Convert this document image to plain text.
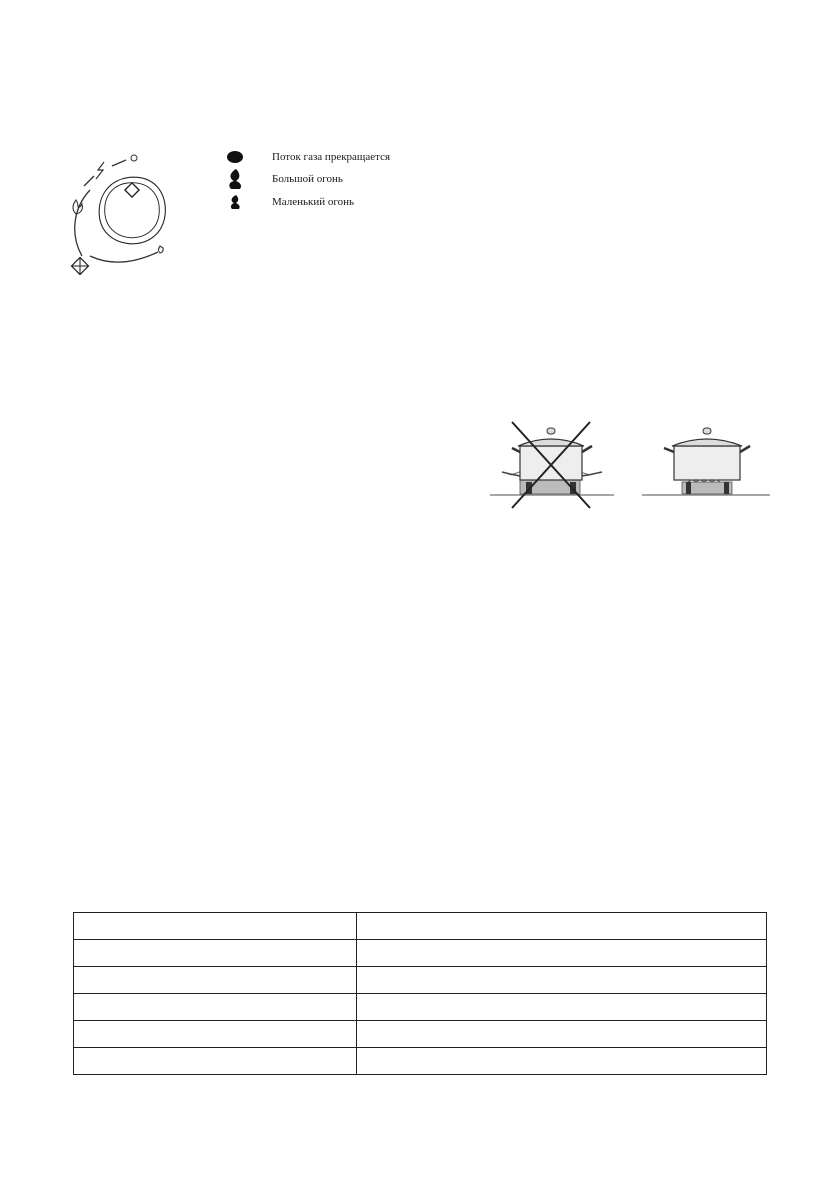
Поток газа прекращается
Большой огонь
Маленький огонь
